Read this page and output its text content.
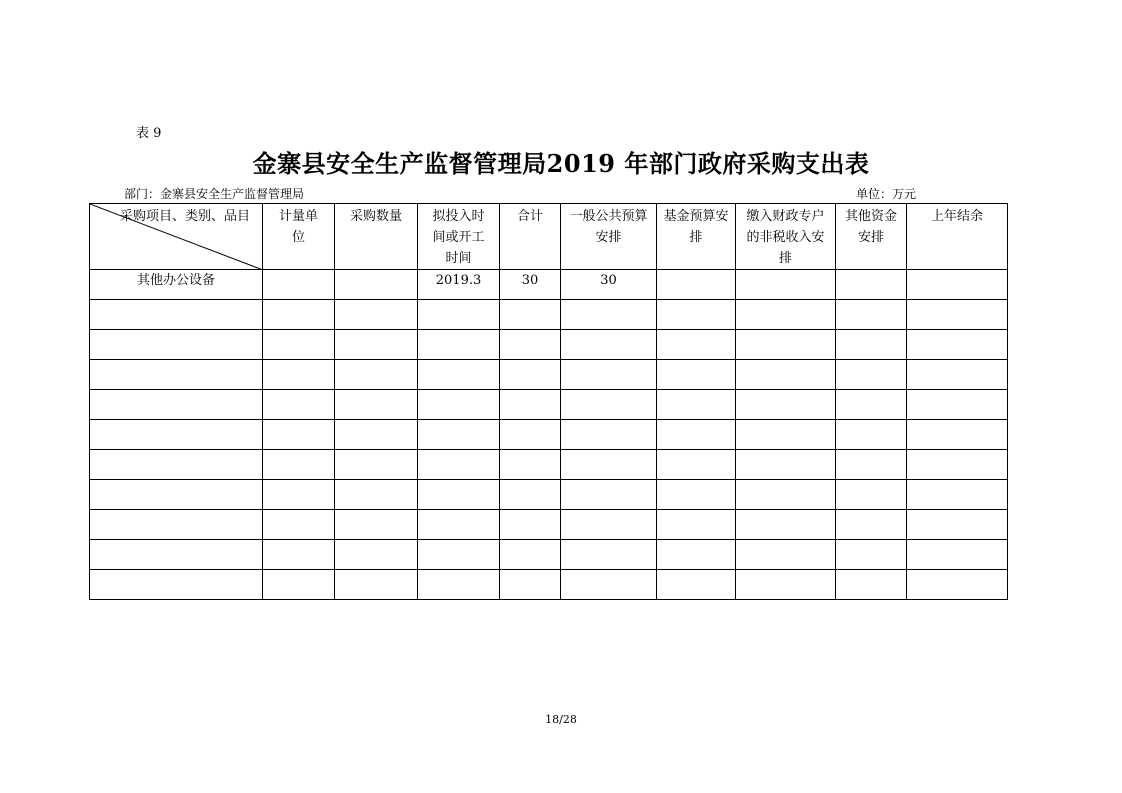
表 9
金寨县安全生产监督管理局2019 年部门政府采购支出表
部门：金寨县安全生产监督管理局	单位：万元
采购项目、类别、品目	计量单位	采购数量	拟投入时间或开工时间	合计	一般公共预算安排	基金预算安排	缴入财政专户的非税收入安排	其他资金安排	上年结余
其他办公设备			2019.3	30	30				

18/28
